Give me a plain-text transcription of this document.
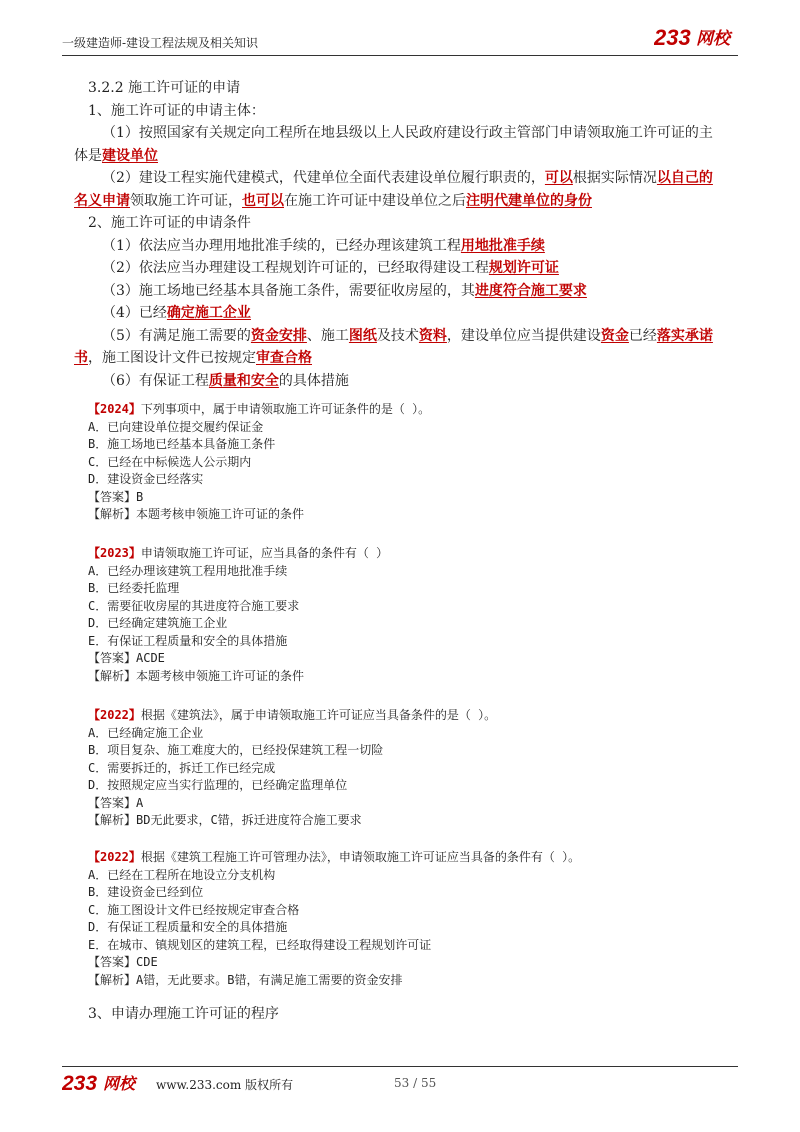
一级建造师-建设工程法规及相关知识	233 网校

3.2.2 施工许可证的申请

1、施工许可证的申请主体：

（1）按照国家有关规定向工程所在地县级以上人民政府建设行政主管部门申请领取施工许可证的主

体是建设单位

（2）建设工程实施代建模式，代建单位全面代表建设单位履行职责的，可以根据实际情况以自己的

名义申请领取施工许可证，也可以在施工许可证中建设单位之后注明代建单位的身份

2、施工许可证的申请条件

（1）依法应当办理用地批准手续的，已经办理该建筑工程用地批准手续

（2）依法应当办理建设工程规划许可证的，已经取得建设工程规划许可证

（3）施工场地已经基本具备施工条件，需要征收房屋的，其进度符合施工要求

（4）已经确定施工企业

（5）有满足施工需要的资金安排、施工图纸及技术资料，建设单位应当提供建设资金已经落实承诺

书，施工图设计文件已按规定审查合格

（6）有保证工程质量和安全的具体措施

【2024】下列事项中，属于申请领取施工许可证条件的是（ ）。
A．已向建设单位提交履约保证金
B．施工场地已经基本具备施工条件
C．已经在中标候选人公示期内
D．建设资金已经落实
【答案】B
【解析】本题考核申领施工许可证的条件
【2023】申请领取施工许可证，应当具备的条件有（ ）
A．已经办理该建筑工程用地批准手续
B．已经委托监理
C．需要征收房屋的其进度符合施工要求
D．已经确定建筑施工企业
E．有保证工程质量和安全的具体措施
【答案】ACDE
【解析】本题考核申领施工许可证的条件
【2022】根据《建筑法》，属于申请领取施工许可证应当具备条件的是（ ）。
A．已经确定施工企业
B．项目复杂、施工难度大的，已经投保建筑工程一切险
C．需要拆迁的，拆迁工作已经完成
D．按照规定应当实行监理的，已经确定监理单位
【答案】A
【解析】BD无此要求，C错，拆迁进度符合施工要求
【2022】根据《建筑工程施工许可管理办法》，申请领取施工许可证应当具备的条件有（ ）。
A．已经在工程所在地设立分支机构
B．建设资金已经到位
C．施工图设计文件已经按规定审查合格
D．有保证工程质量和安全的具体措施
E．在城市、镇规划区的建筑工程，已经取得建设工程规划许可证
【答案】CDE
【解析】A错，无此要求。B错，有满足施工需要的资金安排
3、申请办理施工许可证的程序
233 网校 www.233.com 版权所有	53 / 55
